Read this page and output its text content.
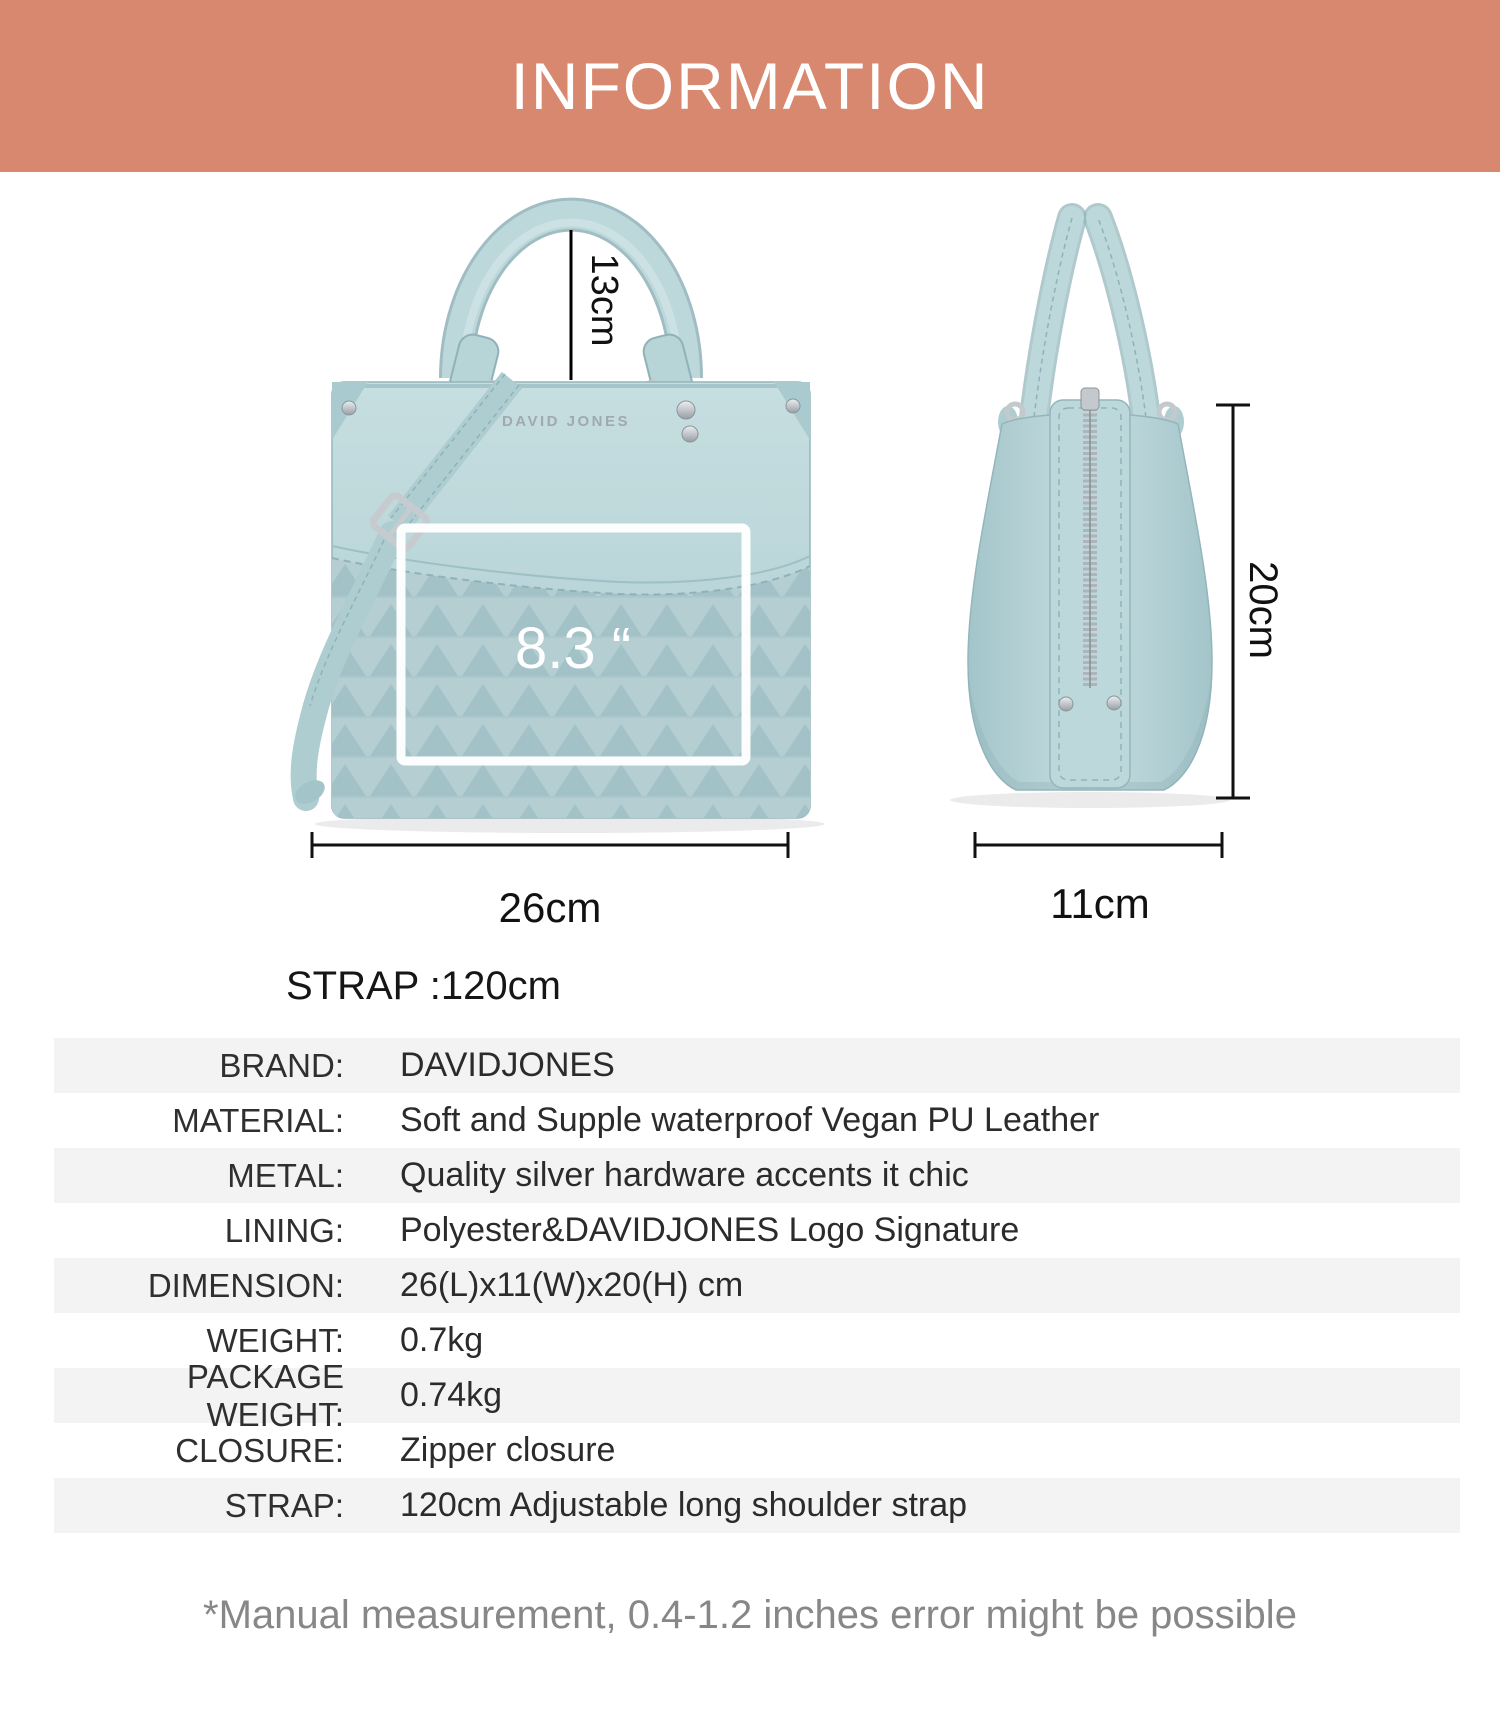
INFORMATION
DAVID JONES
8.3 “
13cm
26cm
20cm
11cm
STRAP :120cm
BRAND: DAVIDJONES
MATERIAL: Soft and Supple waterproof Vegan PU Leather
METAL: Quality silver hardware accents it chic
LINING: Polyester&DAVIDJONES Logo Signature
DIMENSION: 26(L)x11(W)x20(H) cm
WEIGHT: 0.7kg
PACKAGE WEIGHT: 0.74kg
CLOSURE: Zipper closure
STRAP: 120cm Adjustable long shoulder strap
*Manual measurement, 0.4-1.2 inches error might be possible
